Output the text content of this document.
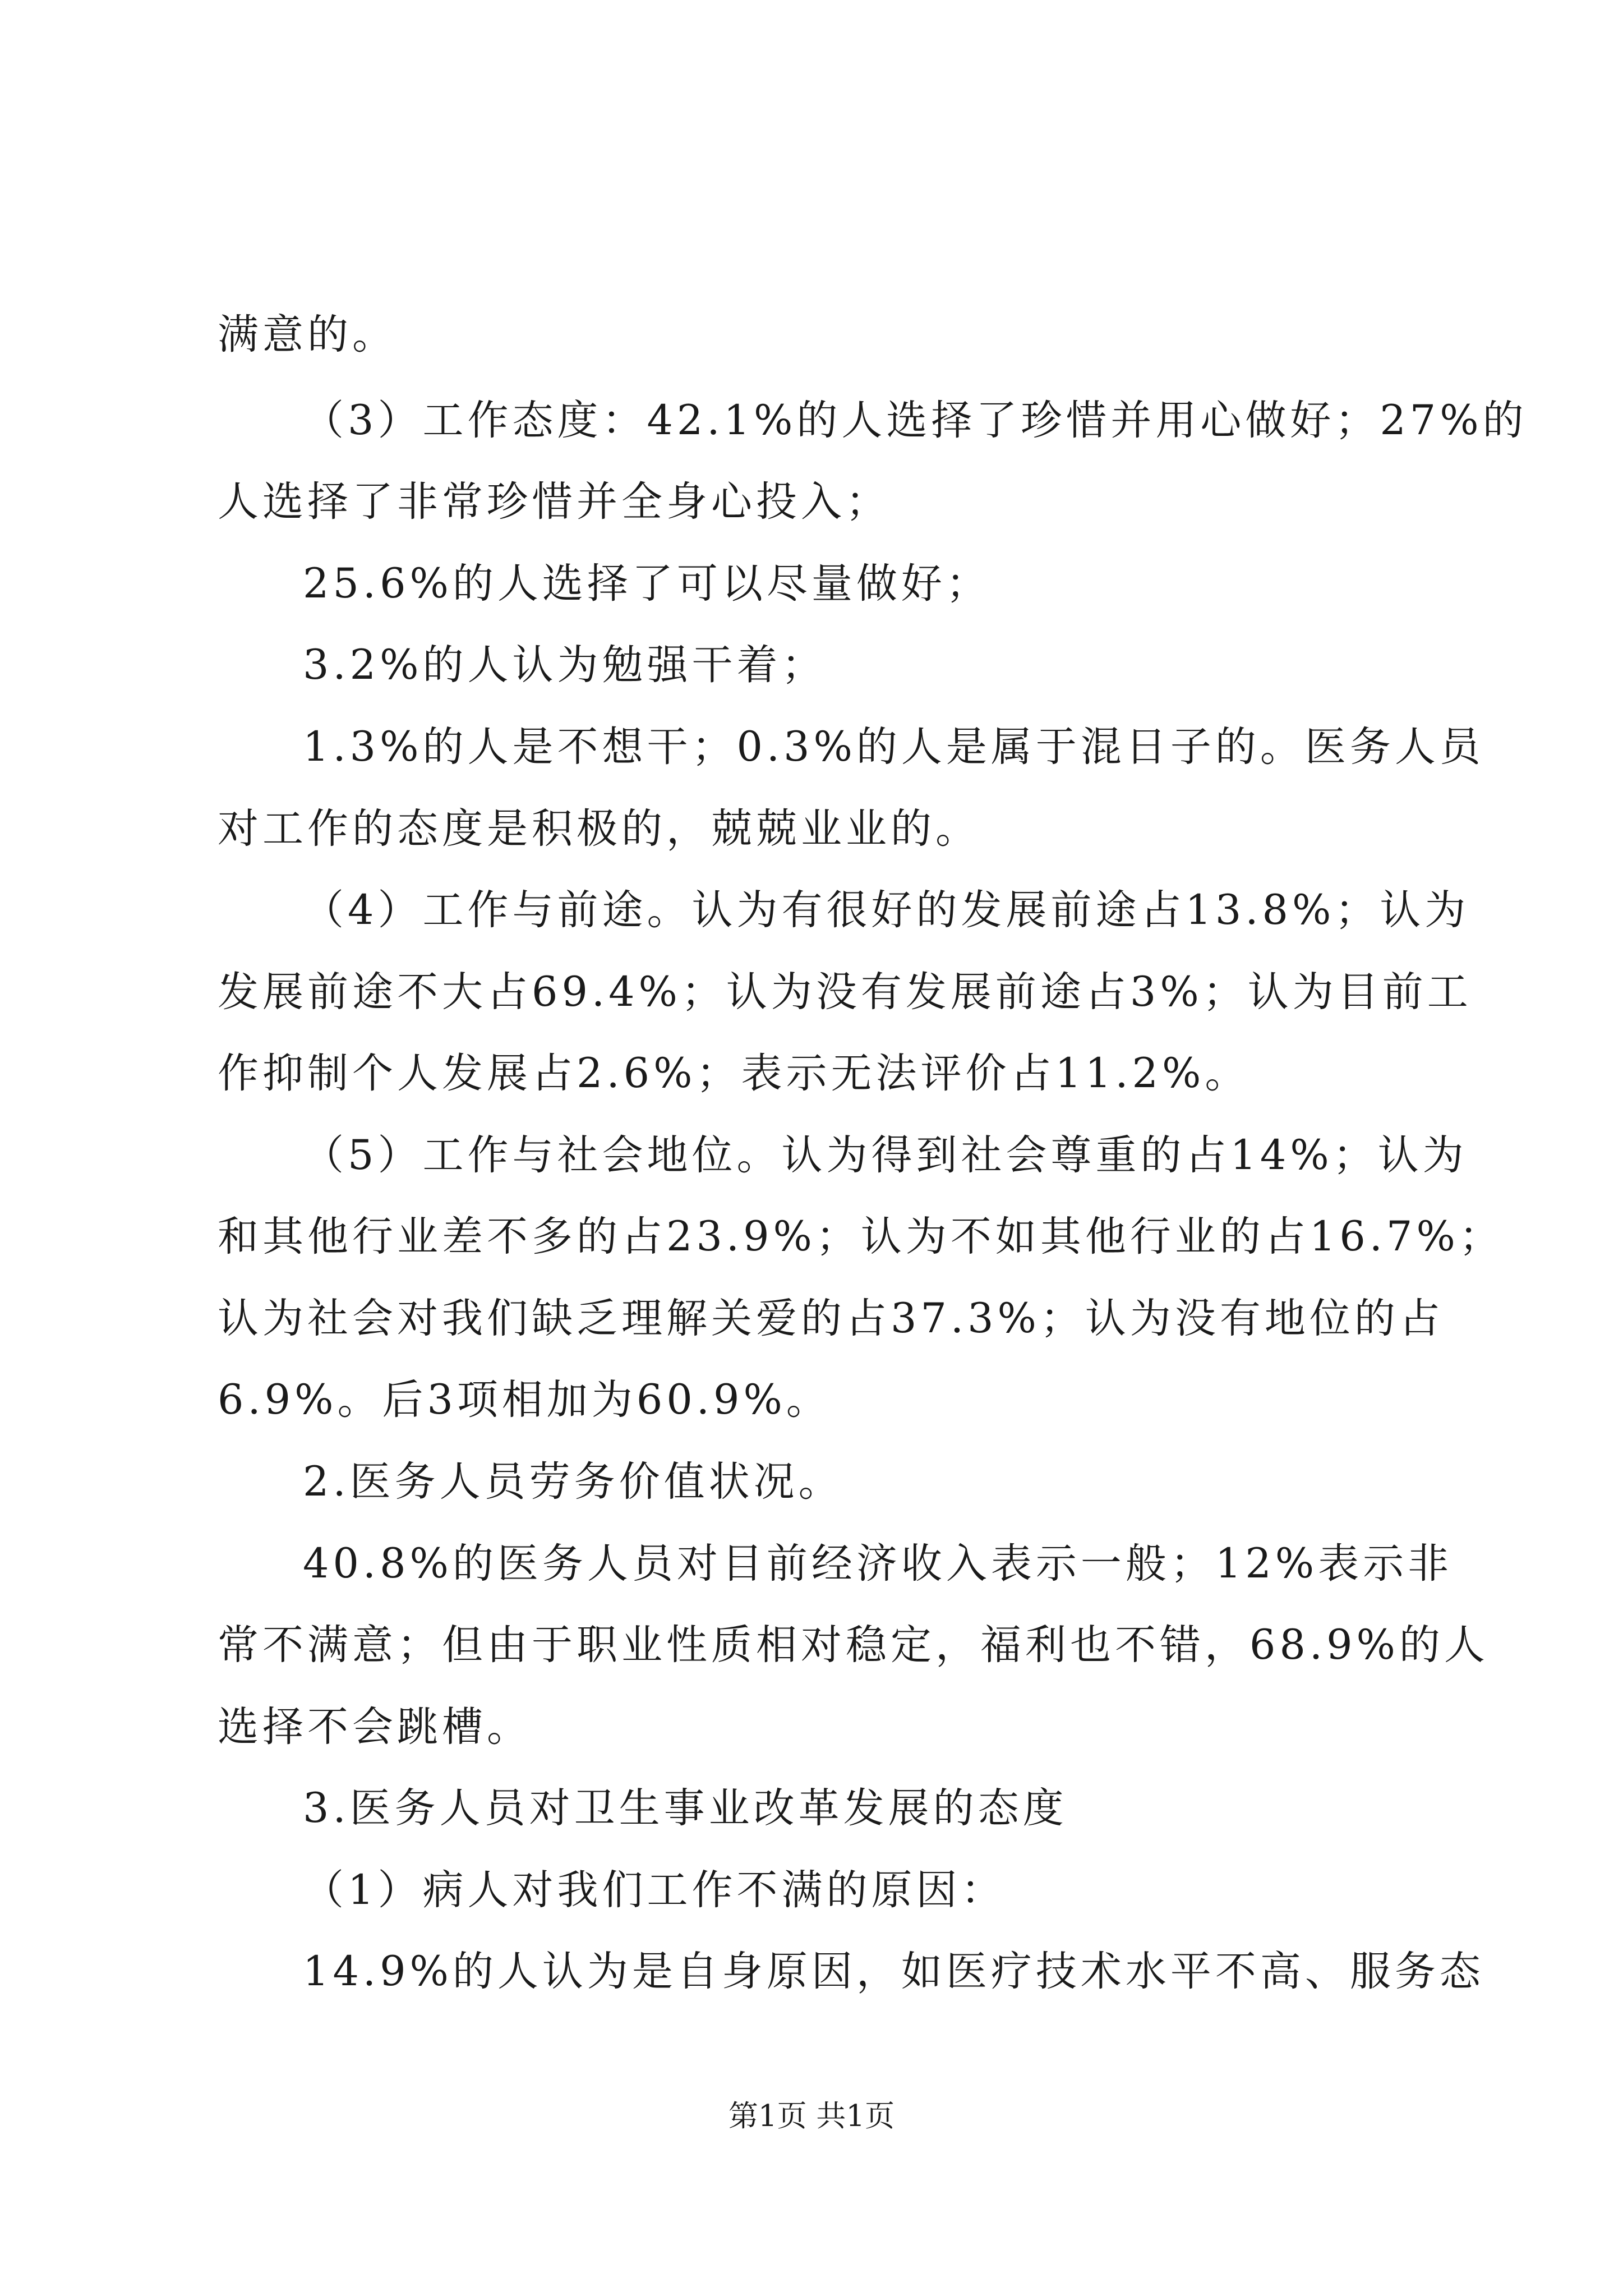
满意的。
（3）工作态度：42.1%的人选择了珍惜并用心做好；27%的
人选择了非常珍惜并全身心投入；
25.6%的人选择了可以尽量做好；
3.2%的人认为勉强干着；
1.3%的人是不想干；0.3%的人是属于混日子的。医务人员
对工作的态度是积极的，兢兢业业的。
（4）工作与前途。认为有很好的发展前途占13.8%；认为
发展前途不大占69.4%；认为没有发展前途占3%；认为目前工
作抑制个人发展占2.6%；表示无法评价占11.2%。
（5）工作与社会地位。认为得到社会尊重的占14%；认为
和其他行业差不多的占23.9%；认为不如其他行业的占16.7%；
认为社会对我们缺乏理解关爱的占37.3%；认为没有地位的占
6.9%。后3项相加为60.9%。
2.医务人员劳务价值状况。
40.8%的医务人员对目前经济收入表示一般；12%表示非
常不满意；但由于职业性质相对稳定，福利也不错，68.9%的人
选择不会跳槽。
3.医务人员对卫生事业改革发展的态度
（1）病人对我们工作不满的原因：
14.9%的人认为是自身原因，如医疗技术水平不高、服务态
第1页 共1页
